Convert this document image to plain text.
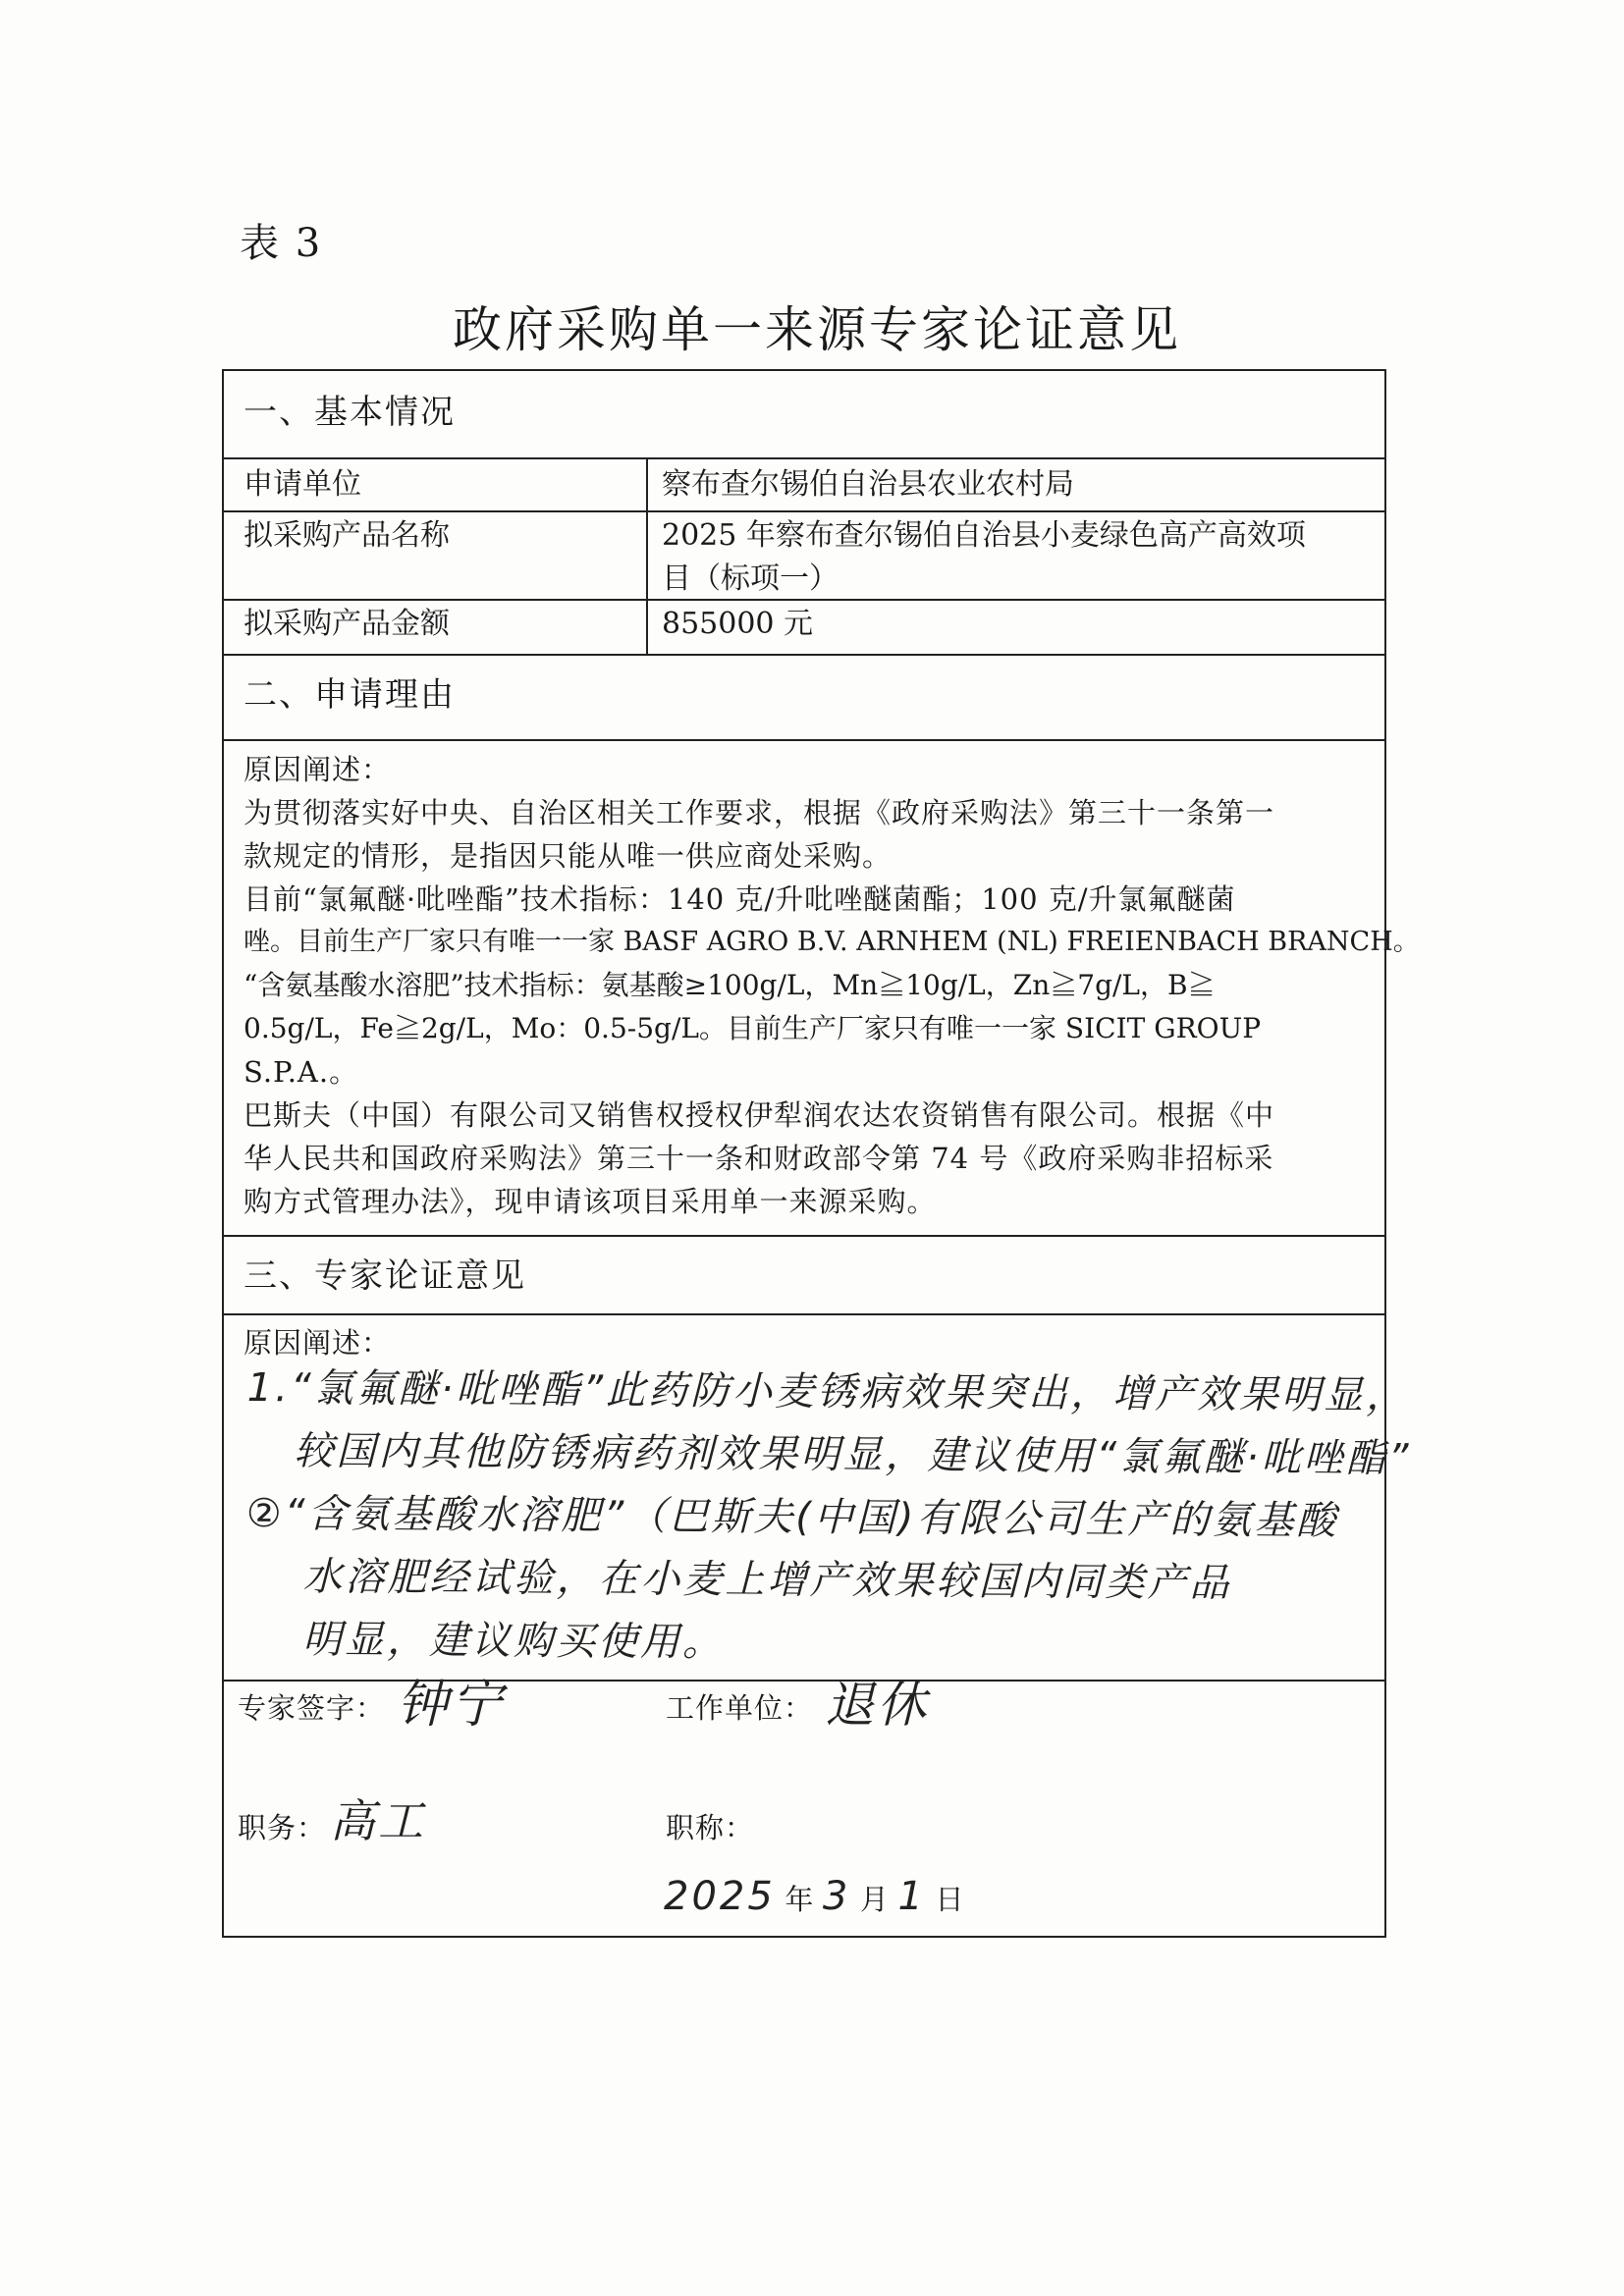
表 3
政府采购单一来源专家论证意见
一、基本情况
申请单位	察布查尔锡伯自治县农业农村局
拟采购产品名称	2025 年察布查尔锡伯自治县小麦绿色高产高效项
目（标项一）
拟采购产品金额	855000 元
二、申请理由
原因阐述：
为贯彻落实好中央、自治区相关工作要求，根据《政府采购法》第三十一条第一
款规定的情形，是指因只能从唯一供应商处采购。
目前“氯氟醚·吡唑酯”技术指标：140 克/升吡唑醚菌酯；100 克/升氯氟醚菌
唑。目前生产厂家只有唯一一家 BASF AGRO B.V. ARNHEM (NL) FREIENBACH BRANCH。
“含氨基酸水溶肥”技术指标：氨基酸≥100g/L，Mn≧10g/L，Zn≧7g/L，B≧
0.5g/L，Fe≧2g/L，Mo：0.5-5g/L。目前生产厂家只有唯一一家 SICIT GROUP
S.P.A.。
巴斯夫（中国）有限公司又销售权授权伊犁润农达农资销售有限公司。根据《中
华人民共和国政府采购法》第三十一条和财政部令第 74 号《政府采购非招标采
购方式管理办法》，现申请该项目采用单一来源采购。
三、专家论证意见
原因阐述：
1.“氯氟醚·吡唑酯”此药防小麦锈病效果突出，增产效果明显，
较国内其他防锈病药剂效果明显，建议使用“氯氟醚·吡唑酯”
②“含氨基酸水溶肥”（巴斯夫(中国)有限公司生产的氨基酸
水溶肥经试验，在小麦上增产效果较国内同类产品
明显，建议购买使用。
专家签字： 钟宁	工作单位： 退休
职务： 高工	职称：
2025 年 3 月 1 日
